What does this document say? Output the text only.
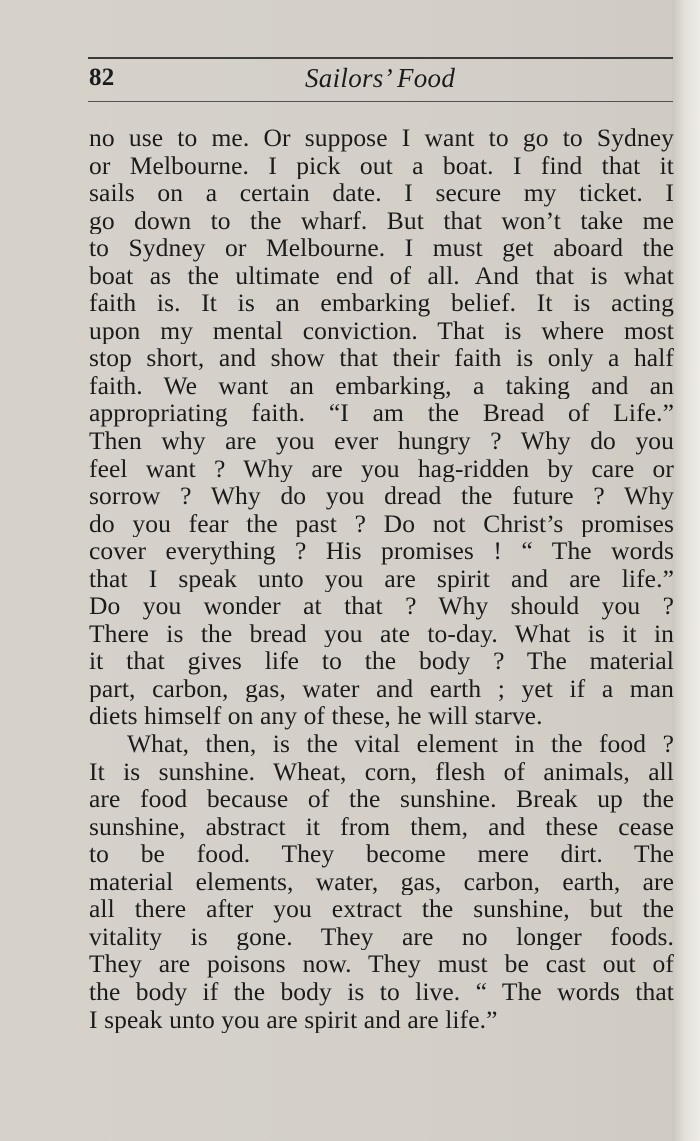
82	Sailors’ Food
no use to me. Or suppose I want to go to Sydney
or Melbourne. I pick out a boat. I find that it
sails on a certain date. I secure my ticket. I
go down to the wharf. But that won’t take me
to Sydney or Melbourne. I must get aboard the
boat as the ultimate end of all. And that is what
faith is. It is an embarking belief. It is acting
upon my mental conviction. That is where most
stop short, and show that their faith is only a half
faith. We want an embarking, a taking and an
appropriating faith. “I am the Bread of Life.”
Then why are you ever hungry ? Why do you
feel want ? Why are you hag-ridden by care or
sorrow ? Why do you dread the future ? Why
do you fear the past ? Do not Christ’s promises
cover everything ? His promises ! “ The words
that I speak unto you are spirit and are life.”
Do you wonder at that ? Why should you ?
There is the bread you ate to-day. What is it in
it that gives life to the body ? The material
part, carbon, gas, water and earth ; yet if a man
diets himself on any of these, he will starve.
What, then, is the vital element in the food ?
It is sunshine. Wheat, corn, flesh of animals, all
are food because of the sunshine. Break up the
sunshine, abstract it from them, and these cease
to be food. They become mere dirt. The
material elements, water, gas, carbon, earth, are
all there after you extract the sunshine, but the
vitality is gone. They are no longer foods.
They are poisons now. They must be cast out of
the body if the body is to live. “ The words that
I speak unto you are spirit and are life.”
